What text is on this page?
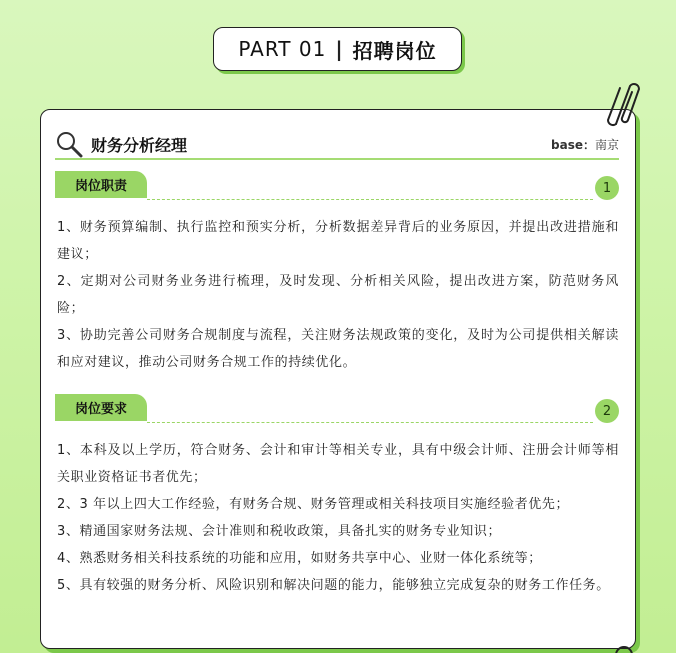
PART 01 | 招聘岗位
财务分析经理	base：南京
岗位职责	1
1、财务预算编制、执行监控和预实分析，分析数据差异背后的业务原因，并提出改进措施和建议；
2、定期对公司财务业务进行梳理，及时发现、分析相关风险，提出改进方案，防范财务风险；
3、协助完善公司财务合规制度与流程，关注财务法规政策的变化，及时为公司提供相关解读和应对建议，推动公司财务合规工作的持续优化。
岗位要求	2
1、本科及以上学历，符合财务、会计和审计等相关专业，具有中级会计师、注册会计师等相关职业资格证书者优先；
2、3 年以上四大工作经验，有财务合规、财务管理或相关科技项目实施经验者优先；
3、精通国家财务法规、会计准则和税收政策，具备扎实的财务专业知识；
4、熟悉财务相关科技系统的功能和应用，如财务共享中心、业财一体化系统等；
5、具有较强的财务分析、风险识别和解决问题的能力，能够独立完成复杂的财务工作任务。
